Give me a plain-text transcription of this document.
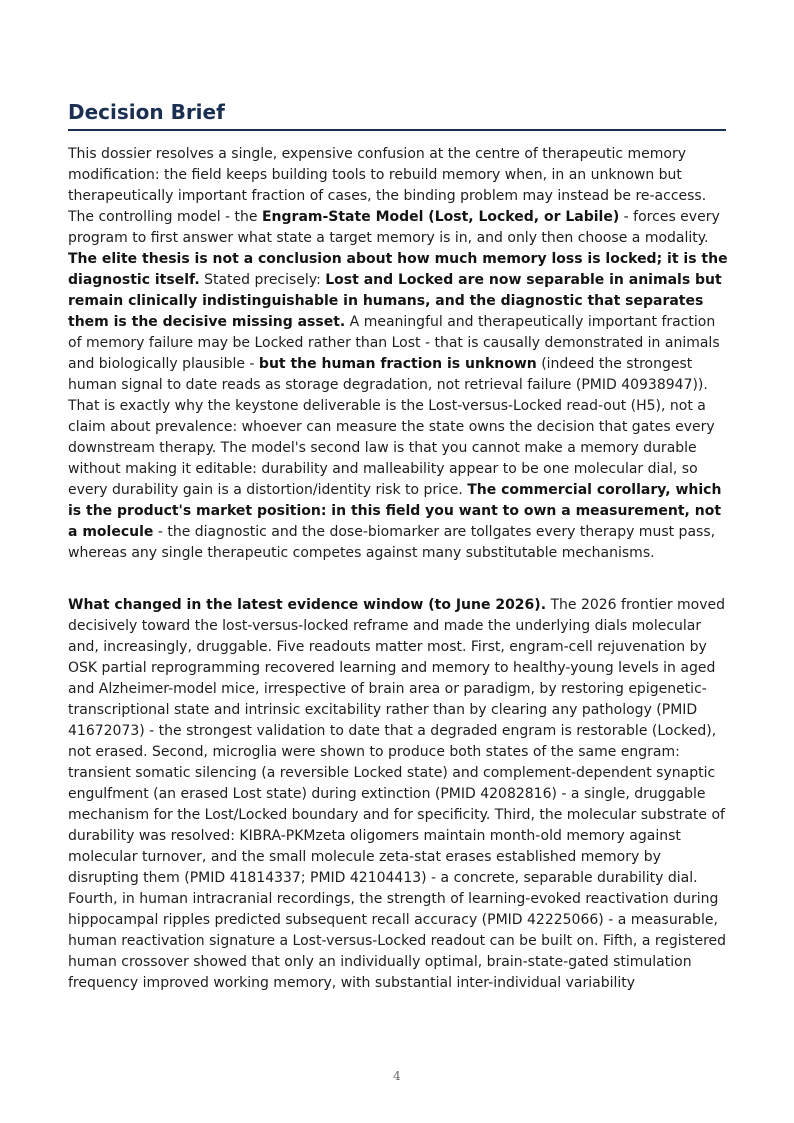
Decision Brief

This dossier resolves a single, expensive confusion at the centre of therapeutic memory modification: the field keeps building tools to rebuild memory when, in an unknown but therapeutically important fraction of cases, the binding problem may instead be re-access. The controlling model - the Engram-State Model (Lost, Locked, or Labile) - forces every program to first answer what state a target memory is in, and only then choose a modality. The elite thesis is not a conclusion about how much memory loss is locked; it is the diagnostic itself. Stated precisely: Lost and Locked are now separable in animals but remain clinically indistinguishable in humans, and the diagnostic that separates them is the decisive missing asset. A meaningful and therapeutically important fraction of memory failure may be Locked rather than Lost - that is causally demonstrated in animals and biologically plausible - but the human fraction is unknown (indeed the strongest human signal to date reads as storage degradation, not retrieval failure (PMID 40938947)). That is exactly why the keystone deliverable is the Lost-versus-Locked read-out (H5), not a claim about prevalence: whoever can measure the state owns the decision that gates every downstream therapy. The model's second law is that you cannot make a memory durable without making it editable: durability and malleability appear to be one molecular dial, so every durability gain is a distortion/identity risk to price. The commercial corollary, which is the product's market position: in this field you want to own a measurement, not a molecule - the diagnostic and the dose-biomarker are tollgates every therapy must pass, whereas any single therapeutic competes against many substitutable mechanisms.

What changed in the latest evidence window (to June 2026). The 2026 frontier moved decisively toward the lost-versus-locked reframe and made the underlying dials molecular and, increasingly, druggable. Five readouts matter most. First, engram-cell rejuvenation by OSK partial reprogramming recovered learning and memory to healthy-young levels in aged and Alzheimer-model mice, irrespective of brain area or paradigm, by restoring epigenetic-transcriptional state and intrinsic excitability rather than by clearing any pathology (PMID 41672073) - the strongest validation to date that a degraded engram is restorable (Locked), not erased. Second, microglia were shown to produce both states of the same engram: transient somatic silencing (a reversible Locked state) and complement-dependent synaptic engulfment (an erased Lost state) during extinction (PMID 42082816) - a single, druggable mechanism for the Lost/Locked boundary and for specificity. Third, the molecular substrate of durability was resolved: KIBRA-PKMzeta oligomers maintain month-old memory against molecular turnover, and the small molecule zeta-stat erases established memory by disrupting them (PMID 41814337; PMID 42104413) - a concrete, separable durability dial. Fourth, in human intracranial recordings, the strength of learning-evoked reactivation during hippocampal ripples predicted subsequent recall accuracy (PMID 42225066) - a measurable, human reactivation signature a Lost-versus-Locked readout can be built on. Fifth, a registered human crossover showed that only an individually optimal, brain-state-gated stimulation frequency improved working memory, with substantial inter-individual variability

4
